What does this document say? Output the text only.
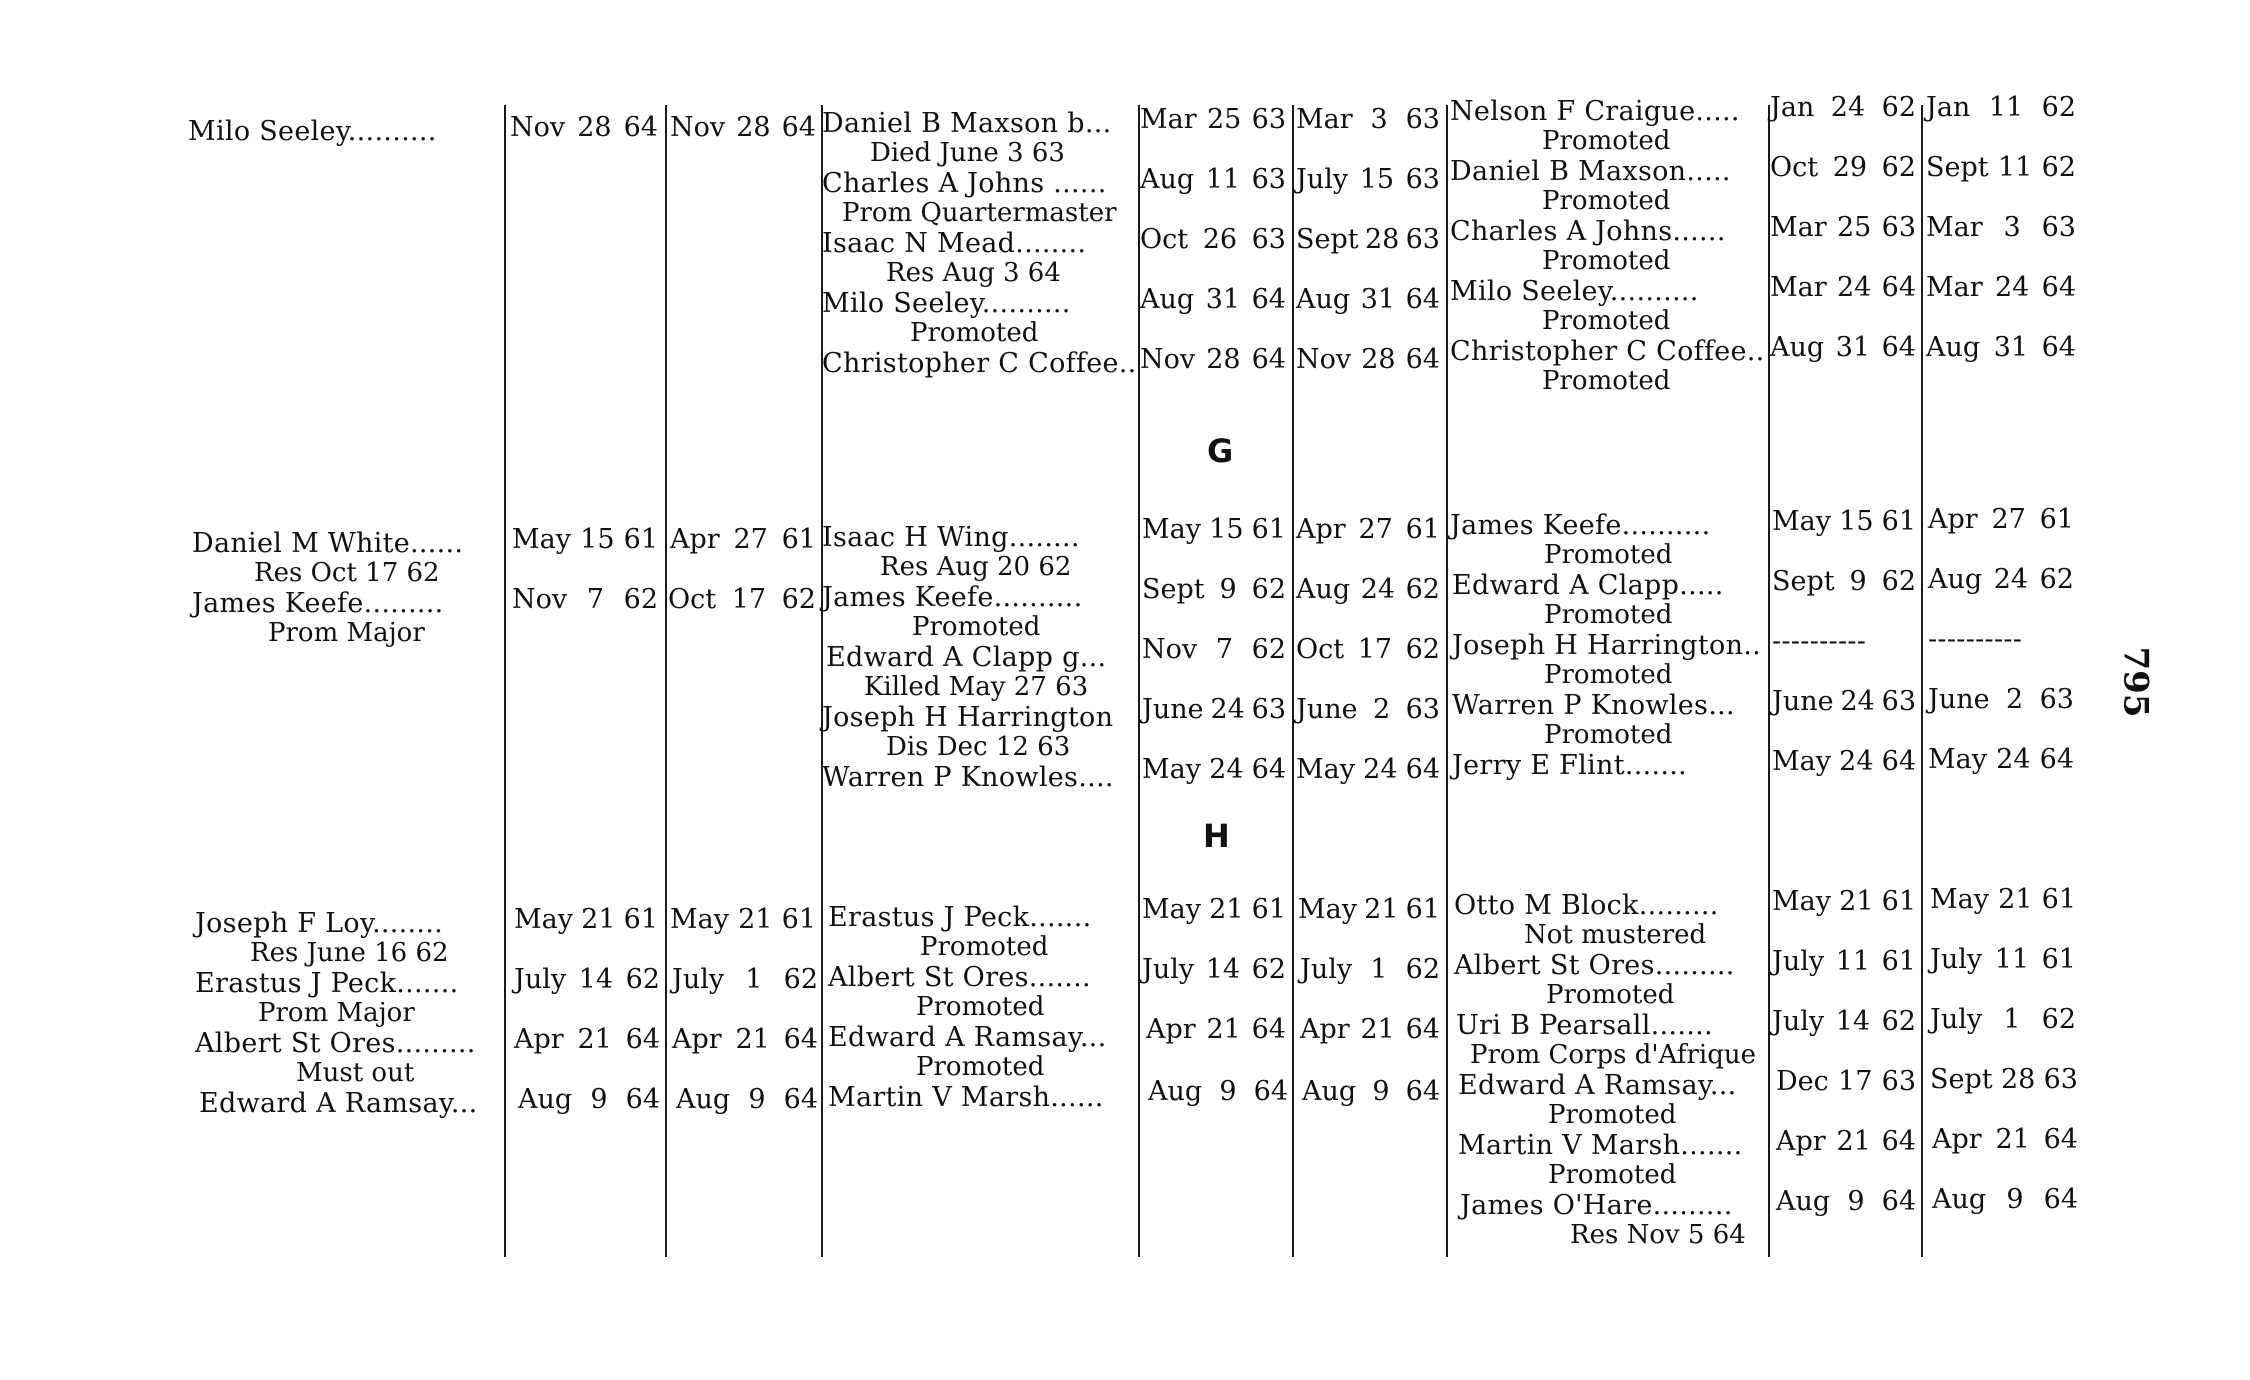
795
G
H
Milo Seeley..........
Daniel M White......
Res Oct 17 62
James Keefe.........
Prom Major
Joseph F Loy........
Res June 16 62
Erastus J Peck.......
Prom Major
Albert St Ores.........
Must out
Edward A Ramsay...
Nov 28 64
May 15 61
Nov 7 62
May 21 61
July 14 62
Apr 21 64
Aug 9 64
Nov 28 64
Apr 27 61
Oct 17 62
May 21 61
July 1 62
Apr 21 64
Aug 9 64
Daniel B Maxson b...
Died June 3 63
Charles A Johns ......
Prom Quartermaster
Isaac N Mead........
Res Aug 3 64
Milo Seeley..........
Promoted
Christopher C Coffee..
Isaac H Wing........
Res Aug 20 62
James Keefe..........
Promoted
Edward A Clapp g...
Killed May 27 63
Joseph H Harrington
Dis Dec 12 63
Warren P Knowles....
Erastus J Peck.......
Promoted
Albert St Ores.......
Promoted
Edward A Ramsay...
Promoted
Martin V Marsh......
Mar 25 63
Aug 11 63
Oct 26 63
Aug 31 64
Nov 28 64
May 15 61
Sept 9 62
Nov 7 62
June 24 63
May 24 64
May 21 61
July 14 62
Apr 21 64
Aug 9 64
Mar 3 63
July 15 63
Sept 28 63
Aug 31 64
Nov 28 64
Apr 27 61
Aug 24 62
Oct 17 62
June 2 63
May 24 64
May 21 61
July 1 62
Apr 21 64
Aug 9 64
Nelson F Craigue.....
Promoted
Daniel B Maxson.....
Promoted
Charles A Johns......
Promoted
Milo Seeley..........
Promoted
Christopher C Coffee..
Promoted
James Keefe..........
Promoted
Edward A Clapp.....
Promoted
Joseph H Harrington..
Promoted
Warren P Knowles...
Promoted
Jerry E Flint.......
Otto M Block.........
Not mustered
Albert St Ores.........
Promoted
Uri B Pearsall.......
Prom Corps d'Afrique
Edward A Ramsay...
Promoted
Martin V Marsh.......
Promoted
James O'Hare.........
Res Nov 5 64
Jan 24 62
Oct 29 62
Mar 25 63
Mar 24 64
Aug 31 64
May 15 61
Sept 9 62
----------
June 24 63
May 24 64
May 21 61
July 11 61
July 14 62
Dec 17 63
Apr 21 64
Aug 9 64
Jan 11 62
Sept 11 62
Mar 3 63
Mar 24 64
Aug 31 64
Apr 27 61
Aug 24 62
----------
June 2 63
May 24 64
May 21 61
July 11 61
July 1 62
Sept 28 63
Apr 21 64
Aug 9 64
